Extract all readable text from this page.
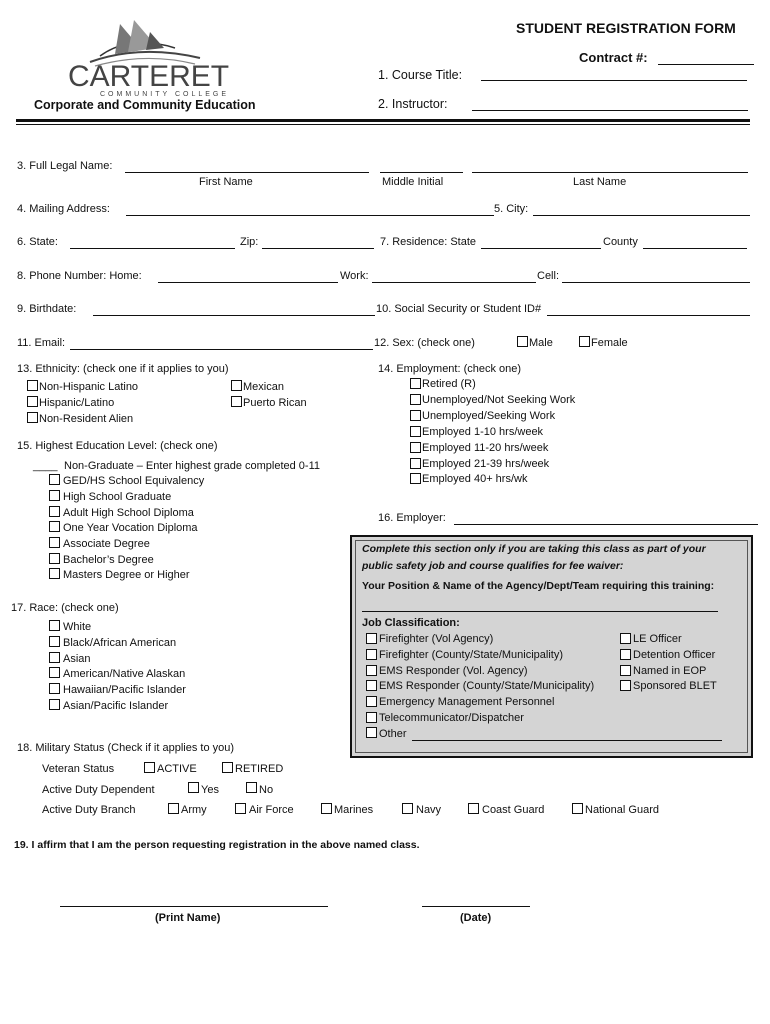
CARTERET
COMMUNITY COLLEGE
Corporate and Community Education
STUDENT REGISTRATION FORM
Contract #:
1. Course Title:
2. Instructor:
3. Full Legal Name:
First Name	Middle Initial	Last Name
4. Mailing Address:	5. City:
6. State:	Zip:	7. Residence: State	County
8. Phone Number: Home:	Work:	Cell:
9. Birthdate:	10. Social Security or Student ID#
11. Email:	12. Sex: (check one)	Male	Female
13. Ethnicity: (check one if it applies to you)
Non-Hispanic Latino
Hispanic/Latino
Non-Resident Alien
Mexican
Puerto Rican
14. Employment: (check one)
Retired (R)
Unemployed/Not Seeking Work
Unemployed/Seeking Work
Employed 1-10 hrs/week
Employed 11-20 hrs/week
Employed 21-39 hrs/week
Employed 40+ hrs/wk
15. Highest Education Level: (check one)
____ Non-Graduate – Enter highest grade completed 0-11
GED/HS School Equivalency
High School Graduate
Adult High School Diploma
One Year Vocation Diploma
Associate Degree
Bachelor’s Degree
Masters Degree or Higher
16. Employer:
Complete this section only if you are taking this class as part of your
public safety job and course qualifies for fee waiver:
Your Position & Name of the Agency/Dept/Team requiring this training:
Job Classification:
Firefighter (Vol Agency)
Firefighter (County/State/Municipality)
EMS Responder (Vol. Agency)
EMS Responder (County/State/Municipality)
Emergency Management Personnel
Telecommunicator/Dispatcher
Other
LE Officer
Detention Officer
Named in EOP
Sponsored BLET
17. Race: (check one)
White
Black/African American
Asian
American/Native Alaskan
Hawaiian/Pacific Islander
Asian/Pacific Islander
18. Military Status (Check if it applies to you)
Veteran Status	ACTIVE	RETIRED
Active Duty Dependent	Yes	No
Active Duty Branch	Army	Air Force	Marines	Navy	Coast Guard	National Guard
19. I affirm that I am the person requesting registration in the above named class.
(Print Name)	(Date)
